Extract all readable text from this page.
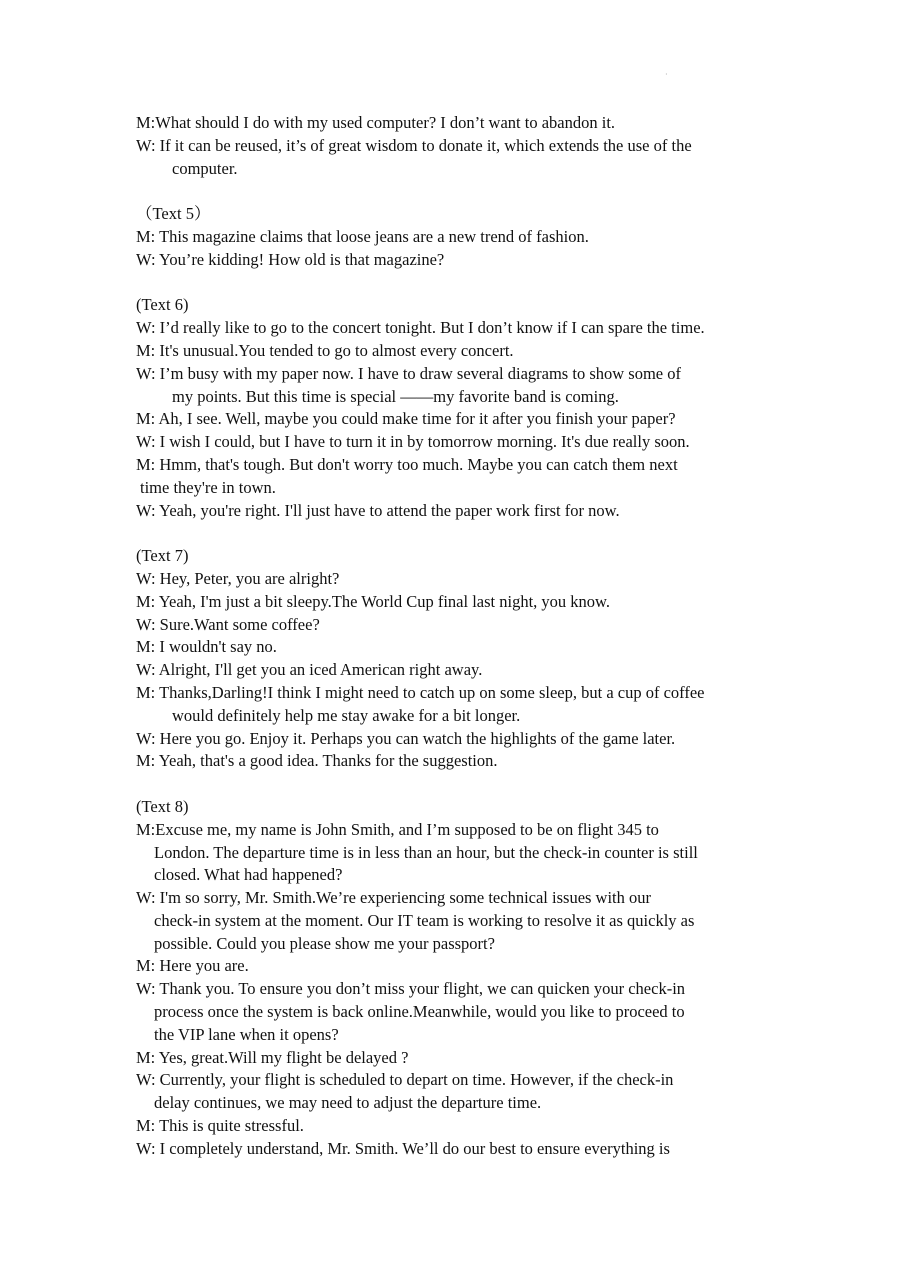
·
M:What should I do with my used computer? I don’t want to abandon it.
W: If it can be reused, it’s of great wisdom to donate it, which extends the use of the
computer.
（Text 5）
M: This magazine claims that loose jeans are a new trend of fashion.
W: You’re kidding! How old is that magazine?
(Text 6)
W: I’d really like to go to the concert tonight. But I don’t know if I can spare the time.
M: It's unusual.You tended to go to almost every concert.
W: I’m busy with my paper now. I have to draw several diagrams to show some of
my points. But this time is special ——my favorite band is coming.
M: Ah, I see. Well, maybe you could make time for it after you finish your paper?
W: I wish I could, but I have to turn it in by tomorrow morning. It's due really soon.
M: Hmm, that's tough. But don't worry too much. Maybe you can catch them next
time they're in town.
W: Yeah, you're right. I'll just have to attend the paper work first for now.
(Text 7)
W: Hey, Peter, you are alright?
M: Yeah, I'm just a bit sleepy.The World Cup final last night, you know.
W: Sure.Want some coffee?
M: I wouldn't say no.
W: Alright, I'll get you an iced American right away.
M: Thanks,Darling!I think I might need to catch up on some sleep, but a cup of coffee
would definitely help me stay awake for a bit longer.
W: Here you go. Enjoy it. Perhaps you can watch the highlights of the game later.
M: Yeah, that's a good idea. Thanks for the suggestion.
(Text 8)
M:Excuse me, my name is John Smith, and I’m supposed to be on flight 345 to
London. The departure time is in less than an hour, but the check-in counter is still
closed. What had happened?
W: I'm so sorry, Mr. Smith.We’re experiencing some technical issues with our
check-in system at the moment. Our IT team is working to resolve it as quickly as
possible. Could you please show me your passport?
M: Here you are.
W: Thank you. To ensure you don’t miss your flight, we can quicken your check-in
process once the system is back online.Meanwhile, would you like to proceed to
the VIP lane when it opens?
M: Yes, great.Will my flight be delayed ?
W: Currently, your flight is scheduled to depart on time. However, if the check-in
delay continues, we may need to adjust the departure time.
M: This is quite stressful.
W: I completely understand, Mr. Smith. We’ll do our best to ensure everything is
